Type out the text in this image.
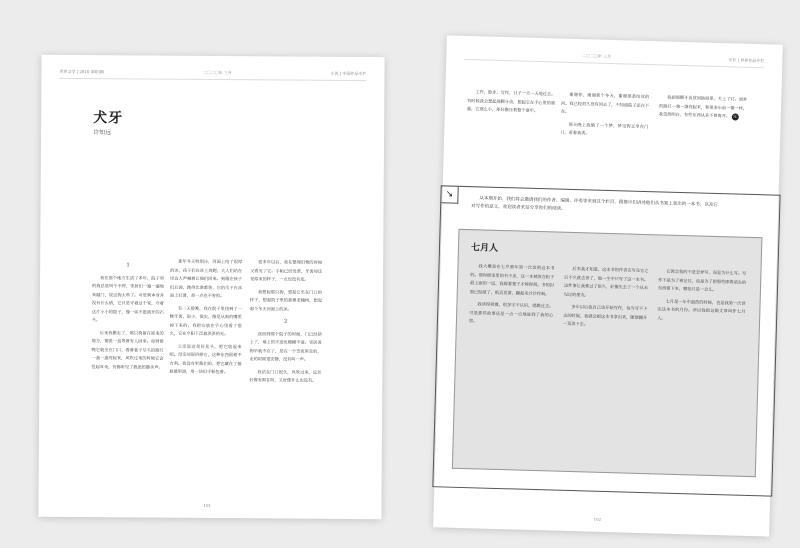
世界文学 | 2010 第03期	二〇二〇年 三月	小说 | 中国作品专栏
犬牙
许知远
1

我在那个地方生活了多年，院子里的狗总是叫个不停，邻居们一遍一遍地来敲门，说这狗太吵了。可是狗本身并没有什么错，它只是守着这个家，守着这片小小的院子，像一块不愿离开的石头。

后来我搬走了，那只狗留在原来的地方，据说一直等着有人回来。每到傍晚它就坐在门口，看着巷子尽头的路灯一盏一盏亮起来，风吹过来的时候它会竖起耳朵，仿佛听见了熟悉的脚步声。

那年冬天特别冷，河面上结了很厚的冰，孩子们在冰上奔跑，大人们站在岸边大声喊着让他们回来。狗跟在孩子们后面，跑得比谁都快，它的爪子在冰面上打滑，却一点也不害怕。

有一天傍晚，我在院子里找到了一颗牙齿，很小，很尖，像是从狗的嘴里掉下来的。我把它放在手心里看了很久，它在夕阳下泛着淡淡的光。

父亲说这是好兆头，把它收起来吧。母亲却说扔掉它，这种东西留着不吉利。我没有听他们的，把它藏在了抽屉最里面，用一块旧手帕包着。

很多年以后，我在整理旧物的时候又看见了它。手帕已经发黄，牙齿却还是原来的样子，一点也没有变。

我想起那只狗，想起它坐在门口的样子，想起院子里的那棵老槐树，想起那个冬天河面上的冰。

2

我回到那个院子的时候，门已经锁上了，墙上的字迹也模糊不清。邻居说狗早就不在了，是在一个雪夜里走的，走的时候很安静，没有叫一声。

我站在门口很久，风吹过来，远处好像有狗在叫，又好像什么也没有。

101
二〇二〇年 三月
专栏 | 世界作品专栏

工作、散步、写作，日子一天一天地过去。有时候我会想起那颗牙齿，想起它在手心里的重量，它那么小，却好像压着整个童年。

谢谢你，谢谢那个冬天，谢谢那条结冰的河。我已经很久没有回去了，不知道院子还在不在。

那天晚上我做了一个梦，梦见狗又坐在门口，看着我笑。

我把那颗牙齿放回抽屉里，关上了灯。窗外的路灯一盏一盏亮起来，和很多年前一模一样。我忽然明白，有些东西从来不曾离开。 完

↘
从本期开始，我们将会邀请我们的作者、编辑、评委等来到这个栏目，跟都市们讲述他们从书架上拿出的一本书，以及它对写作的意义。欢迎读者来信分享你们的阅读。
七月人

我大概是在七岁那年第一次读到这本书的。那时候家里的书不多，这一本被放在柜子最上面的一层，我踩着凳子才够得到。书的封面已经破了，纸页发黄，翻起来沙沙作响。

我读得很慢，很多字不认识，就跳过去。可是那些故事还是一点一点地进到了我的心里。

后来我才知道，这本书的作者在写完它之后不久就去世了，他一生中只写了这一本书。这件事让我难过了很久，好像失去了一个从未见过的朋友。

多年以后我自己也开始写作，每当写不下去的时候，我就会把这本书拿出来，随便翻开一页读下去。

它教会我的不是怎样写，而是为什么写。写作不是为了被记住，而是为了把那些即将消失的东西留下来，哪怕只是一会儿。

七月是一年中最热的时候，也是我第一次读完这本书的月份。所以我把这篇文章叫作七月人。

102
